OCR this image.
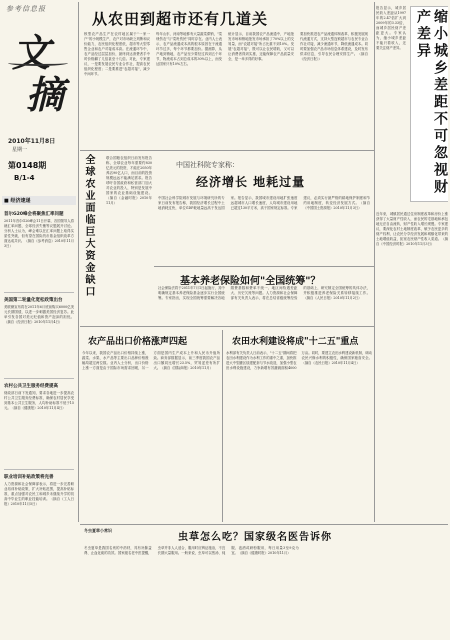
参考信息报
文
摘
2010年11月8日
星期一
第0148期
B/1-4
■ 经济速递
首尔G20峰会将聚焦汇率问题
2011年首尔G20峰会11日开幕，各国领导人将就汇率问题、全球经济失衡等议题展开讨论。分析人士认为，峰会难以在汇率问题上取得实质性突破，但有望在国际货币基金组织改革方面达成共识。（摘自《参考消息》2010年11月3日）
美国第二轮量化宽松政策出台
美联储宣布将在2011年6月底前购买6000亿美元长期国债，以进一步刺激美国经济复苏。此举引发各国对美元贬值和资产泡沫的担忧。（摘自《经济日报》2010年11月4日）
农村公共卫生服务经费提高
财政部日前下发通知，要求各地进一步提高农村公共卫生服务经费标准，确保农村居民享受到基本公共卫生服务，人均补助标准不低于15元。（摘自《健康报》2010年11月4日）
职业培训补贴政策将完善
人力资源和社会保障部表示，将进一步完善职业培训补贴政策，扩大补贴范围，提高补贴标准，重点加强对农民工和城乡未继续升学的初高中毕业生的职业技能培训。（摘自《工人日报》2010年11月5日）
从农田到超市还有几道关
核型农产品生产在农村地区属于"一家一户"的小规模生产，农户对市场缺乏判断和议价能力，农民组织化程度低，超市等大型零售企业和农户对接成本高。在流通环节中，农产品经过层层加价，最终到达消费者手中时价格翻了几倍甚至十几倍。对此，专家建议，一是要发展农民专业合作社，提高农民组织化程度；二是要推进"农超对接"，减少中间环节。
每年山东、河南等地都有大量蔬菜滞销，"菜贱伤农"与"菜贵伤民"同时存在。业内人士表示，农产品流通成本高的根本原因在于流通环节过多，每个环节都要加价。据测算，从产地到销地，农产品至少要经过四到五个环节，物流成本占到总成本的30%以上，而发达国家只有10%左右。
统计显示，目前我国农产品流通中，产地批发市场和销地批发市场承担了70%以上的交易量，而"农超对接"所占比重不到10%。发展"农超对接"，既可以让农民增收，又可以让消费者得到实惠，还能保障农产品质量安全，是一举多得的好事。
要加快推进农产品流通体制改革，积极发展现代流通方式，支持大型连锁超市与农民专业合作社对接，减少流通环节，降低流通成本。同时要加强农产品市场信息体系建设，及时发布供求信息，引导农民合理安排生产。（摘自《经济日报》）
全球农业面临巨大资金缺口	联合国粮农组织日前发布报告称，全球农业每年需要约830亿美元的投资，才能在2050年养活90亿人口，而目前的投资规模远远不能满足需求。报告呼吁各国政府和私营部门加大对农业的投入，特别是发展中国家的农业基础设施建设。（摘自《金融时报》2010年11月）
中国社科院专家称：
经济增长 地耗过量
中国社会科学院城市发展与环境研究所的专家日前发布报告称，我国经济增长过程中土地消耗过快，单位GDP耗地量远高于发达国家。报告显示，我国城市建设用地扩张速度远超城市人口增长速度，人均城市建设用地已超过130平方米，高于国家规定标准。专家建议，必须实行最严格的耕地保护制度和节约用地制度，转变经济发展方式。（摘自《中国国土资源报》2010年11月3日）
基本养老保险如何"全国统筹"？
社会保险法将于2011年7月1日起施行，其中明确规定基本养老保险基金逐步实行全国统筹。专家指出，实现全国统筹需要解决各地缴费基数和费率不统一、地区间待遇差距大、历史欠账等问题。人力资源和社会保障部有关负责人表示，将在总结省级统筹经验的基础上，研究制定全国统筹的具体办法，并积极推进养老保险关系转移接续工作。（摘自《人民日报》2010年11月2日）
农产品出口价格涨声四起
今年以来，我国农产品出口价格持续上涨，蔬菜、水果、水产品等主要出口品种价格涨幅均超过两位数。业内人士分析，出口价格上涨一方面是由于国际市场需求回暖，另一方面是国内生产成本上升和人民币升值所致。商务部数据显示，前三季度我国农产品出口额同比增长23.5%，贸易逆差有所扩大。（摘自《国际商报》2010年11月）
农田水利建设将成"十二五"重点
水利部有关负责人日前表示，"十二五"期间将把农田水利建设作为水利工作的重中之重，加快推进大中型灌区续建配套与节水改造，加强小型农田水利设施建设，力争新增有效灌溉面积4000万亩。同时，要建立农田水利建设新机制，调动农民兴修水利的积极性，确保国家粮食安全。（摘自《农民日报》2010年11月4日）
报告显示，城乡居民收入差距从1997年的2.47倍扩大到2009年的3.33倍，而城乡居民财产差距更大。专家认为，缩小城乡差距不能只看收入，还要关注财产差异。	缩小城乡差距不可忽视财产差异
近年来，城镇居民通过住房制度改革和房价上涨获得了大量财产性收入，而农民的宅基地和承包地无法自由流转，财产性收入增长缓慢。专家建议，要深化农村土地制度改革，赋予农民更多的财产权利，让农民分享经济发展和城镇化带来的土地增值收益，拓宽农民财产性收入渠道。（摘自《中国经济时报》2010年11月3日）
虫草怎么吃？国家级名医告诉你
冬虫夏草小常识
冬虫夏草是我国名贵的中药材，具有补肺益肾、止血化痰的功效。国家级名老中医提醒，虫草并非人人适合，服用时应辨证施治，不宜长期大量服用。一般来说，虫草可以煎汤、炖服、泡酒或研粉服用，每日用量3至9克为宜。（摘自《健康时报》2010年11月）
